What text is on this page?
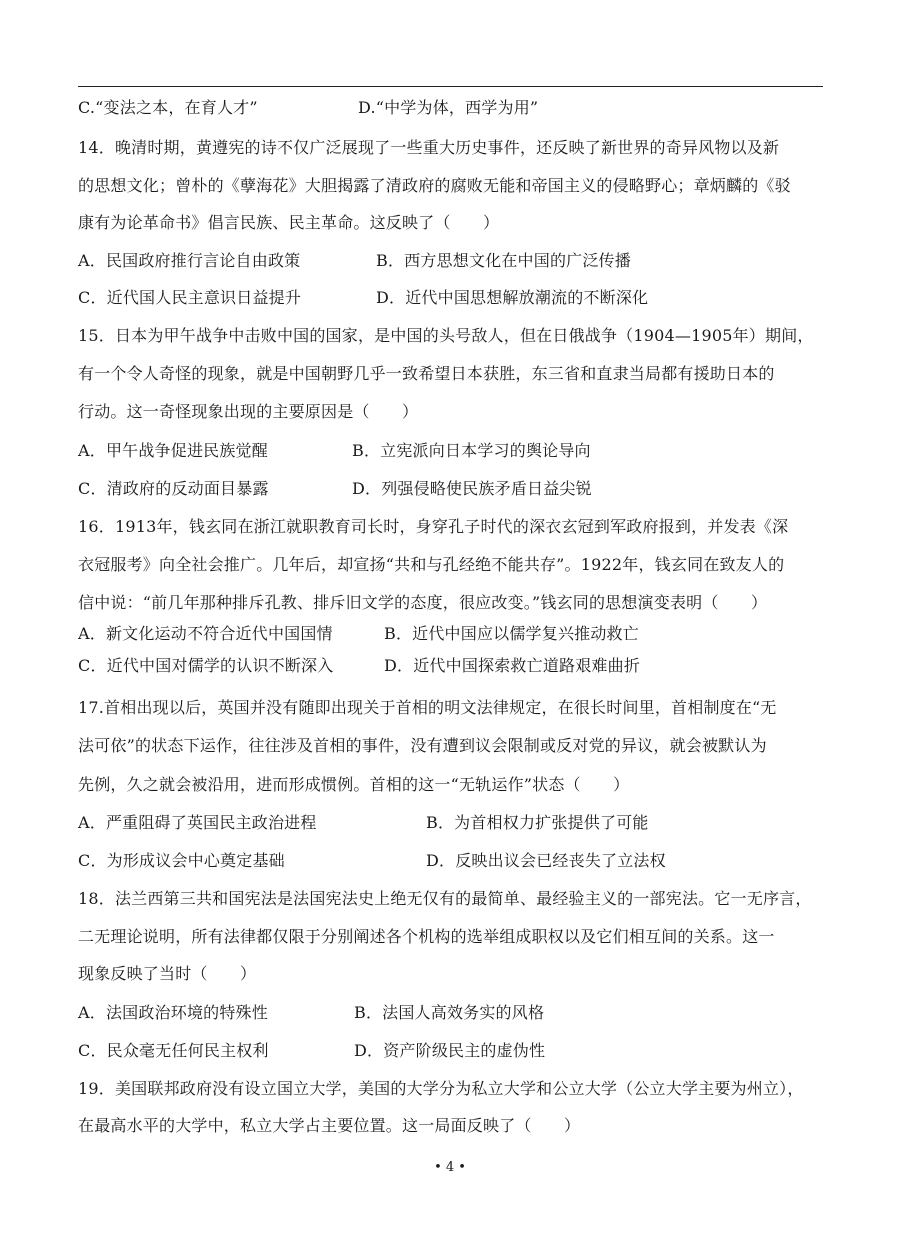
C.“变法之本，在育人才”	D.“中学为体，西学为用”
14．晚清时期，黄遵宪的诗不仅广泛展现了一些重大历史事件，还反映了新世界的奇异风物以及新
的思想文化；曾朴的《孽海花》大胆揭露了清政府的腐败无能和帝国主义的侵略野心；章炳麟的《驳
康有为论革命书》倡言民族、民主革命。这反映了（　　）
A．民国政府推行言论自由政策	B．西方思想文化在中国的广泛传播
C．近代国人民主意识日益提升	D．近代中国思想解放潮流的不断深化
15．日本为甲午战争中击败中国的国家，是中国的头号敌人，但在日俄战争（1904—1905年）期间，
有一个令人奇怪的现象，就是中国朝野几乎一致希望日本获胜，东三省和直隶当局都有援助日本的
行动。这一奇怪现象出现的主要原因是（　　）
A．甲午战争促进民族觉醒	B．立宪派向日本学习的舆论导向
C．清政府的反动面目暴露	D．列强侵略使民族矛盾日益尖锐
16．1913年，钱玄同在浙江就职教育司长时，身穿孔子时代的深衣玄冠到军政府报到，并发表《深
衣冠服考》向全社会推广。几年后，却宣扬“共和与孔经绝不能共存”。1922年，钱玄同在致友人的
信中说：“前几年那种排斥孔教、排斥旧文学的态度，很应改变。”钱玄同的思想演变表明（　　）
A．新文化运动不符合近代中国国情	B．近代中国应以儒学复兴推动救亡
C．近代中国对儒学的认识不断深入	D．近代中国探索救亡道路艰难曲折
17.首相出现以后，英国并没有随即出现关于首相的明文法律规定，在很长时间里，首相制度在“无
法可依”的状态下运作，往往涉及首相的事件，没有遭到议会限制或反对党的异议，就会被默认为
先例，久之就会被沿用，进而形成惯例。首相的这一“无轨运作”状态（　　）
A．严重阻碍了英国民主政治进程	B．为首相权力扩张提供了可能
C．为形成议会中心奠定基础	D．反映出议会已经丧失了立法权
18．法兰西第三共和国宪法是法国宪法史上绝无仅有的最简单、最经验主义的一部宪法。它一无序言，
二无理论说明，所有法律都仅限于分别阐述各个机构的选举组成职权以及它们相互间的关系。这一
现象反映了当时（　　）
A．法国政治环境的特殊性	B．法国人高效务实的风格
C．民众毫无任何民主权利	D．资产阶级民主的虚伪性
19．美国联邦政府没有设立国立大学，美国的大学分为私立大学和公立大学（公立大学主要为州立），
在最高水平的大学中，私立大学占主要位置。这一局面反映了（　　）
• 4 •
